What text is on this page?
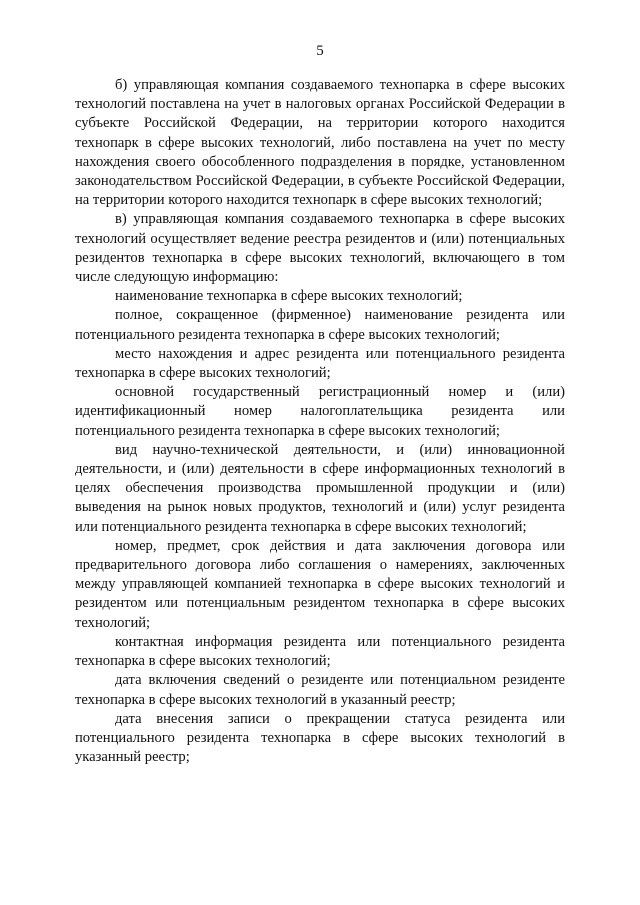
5

б) управляющая компания создаваемого технопарка в сфере высоких технологий поставлена на учет в налоговых органах Российской Федерации в субъекте Российской Федерации, на территории которого находится технопарк в сфере высоких технологий, либо поставлена на учет по месту нахождения своего обособленного подразделения в порядке, установленном законодательством Российской Федерации, в субъекте Российской Федерации, на территории которого находится технопарк в сфере высоких технологий;

в) управляющая компания создаваемого технопарка в сфере высоких технологий осуществляет ведение реестра резидентов и (или) потенциальных резидентов технопарка в сфере высоких технологий, включающего в том числе следующую информацию:

наименование технопарка в сфере высоких технологий;

полное, сокращенное (фирменное) наименование резидента или потенциального резидента технопарка в сфере высоких технологий;

место нахождения и адрес резидента или потенциального резидента технопарка в сфере высоких технологий;

основной государственный регистрационный номер и (или) идентификационный номер налогоплательщика резидента или потенциального резидента технопарка в сфере высоких технологий;

вид научно-технической деятельности, и (или) инновационной деятельности, и (или) деятельности в сфере информационных технологий в целях обеспечения производства промышленной продукции и (или) выведения на рынок новых продуктов, технологий и (или) услуг резидента или потенциального резидента технопарка в сфере высоких технологий;

номер, предмет, срок действия и дата заключения договора или предварительного договора либо соглашения о намерениях, заключенных между управляющей компанией технопарка в сфере высоких технологий и резидентом или потенциальным резидентом технопарка в сфере высоких технологий;

контактная информация резидента или потенциального резидента технопарка в сфере высоких технологий;

дата включения сведений о резиденте или потенциальном резиденте технопарка в сфере высоких технологий в указанный реестр;

дата внесения записи о прекращении статуса резидента или потенциального резидента технопарка в сфере высоких технологий в указанный реестр;
